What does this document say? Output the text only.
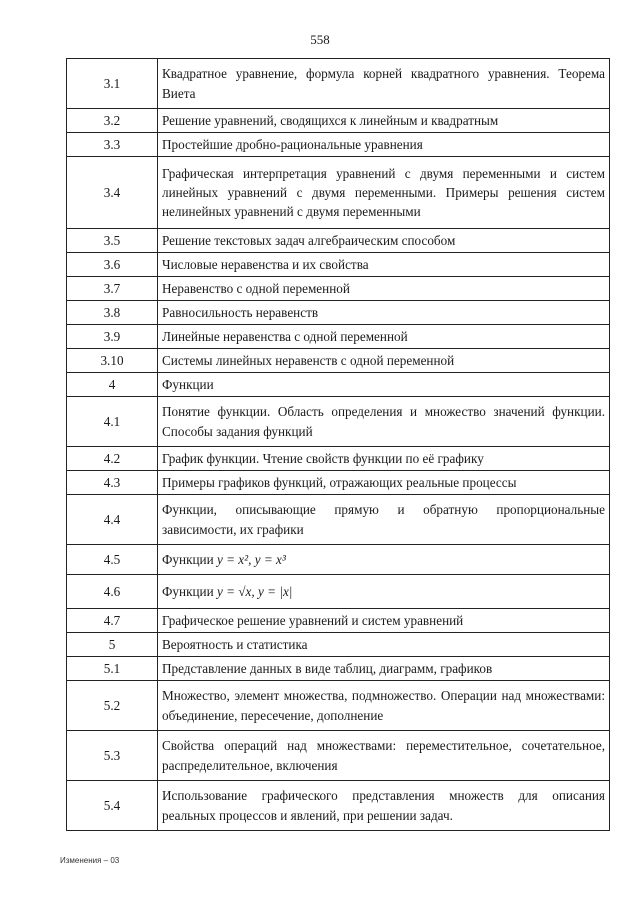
558
3.1	Квадратное уравнение, формула корней квадратного уравнения. Теорема Виета
3.2	Решение уравнений, сводящихся к линейным и квадратным
3.3	Простейшие дробно-рациональные уравнения
3.4	Графическая интерпретация уравнений с двумя переменными и систем линейных уравнений с двумя переменными. Примеры решения систем нелинейных уравнений с двумя переменными
3.5	Решение текстовых задач алгебраическим способом
3.6	Числовые неравенства и их свойства
3.7	Неравенство с одной переменной
3.8	Равносильность неравенств
3.9	Линейные неравенства с одной переменной
3.10	Системы линейных неравенств с одной переменной
4	Функции
4.1	Понятие функции. Область определения и множество значений функции. Способы задания функций
4.2	График функции. Чтение свойств функции по её графику
4.3	Примеры графиков функций, отражающих реальные процессы
4.4	Функции, описывающие прямую и обратную пропорциональные зависимости, их графики
4.5	Функции y = x², y = x³
4.6	Функции y = √x, y = |x|
4.7	Графическое решение уравнений и систем уравнений
5	Вероятность и статистика
5.1	Представление данных в виде таблиц, диаграмм, графиков
5.2	Множество, элемент множества, подмножество. Операции над множествами: объединение, пересечение, дополнение
5.3	Свойства операций над множествами: переместительное, сочетательное, распределительное, включения
5.4	Использование графического представления множеств для описания реальных процессов и явлений, при решении задач.
Изменения – 03
